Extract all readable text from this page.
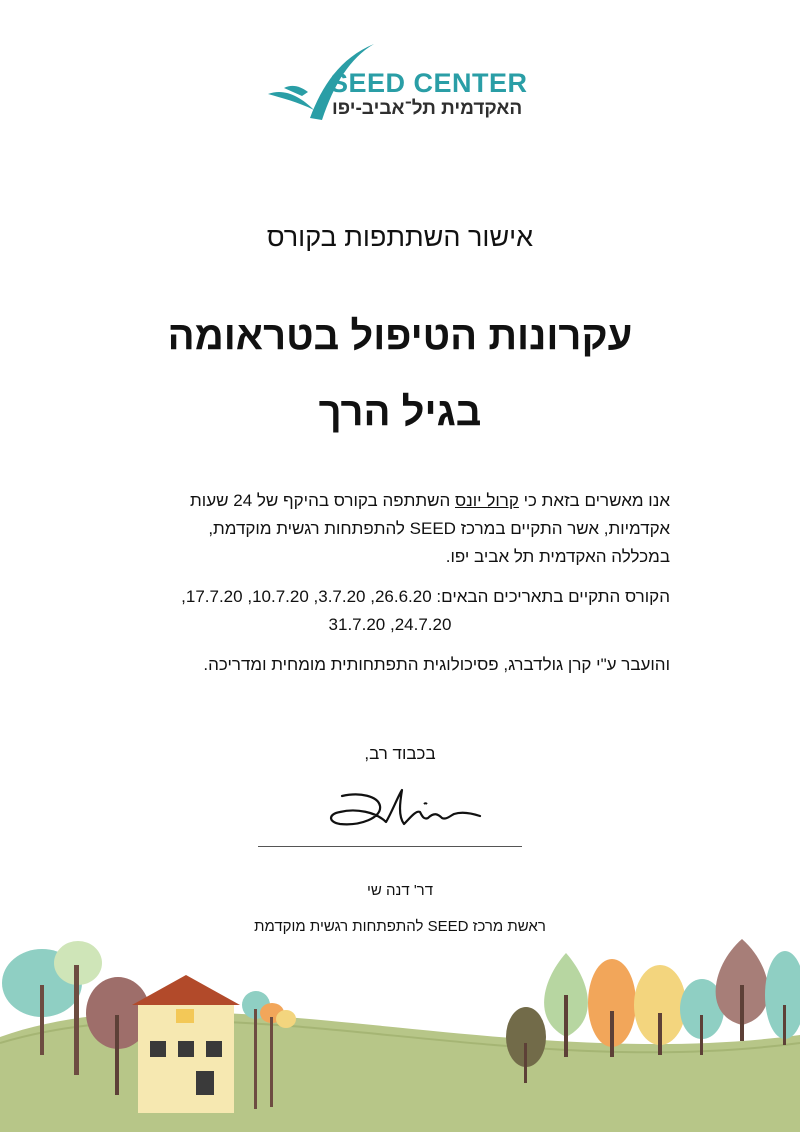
SEED CENTER
האקדמית תל־אביב-יפו
אישור השתתפות בקורס
עקרונות הטיפול בטראומה
בגיל הרך

אנו מאשרים בזאת כי קרול יונס השתתפה בקורס בהיקף של 24 שעות

אקדמיות, אשר התקיים במרכז SEED להתפתחות רגשית מוקדמת,

במכללה האקדמית תל אביב יפו.

הקורס התקיים בתאריכים הבאים: 26.6.20, 3.7.20, 10.7.20, 17.7.20,

24.7.20, 31.7.20

והועבר ע"י קרן גולדברג, פסיכולוגית התפתחותית מומחית ומדריכה.

בכבוד רב,
דר' דנה שי
ראשת מרכז SEED להתפתחות רגשית מוקדמת
